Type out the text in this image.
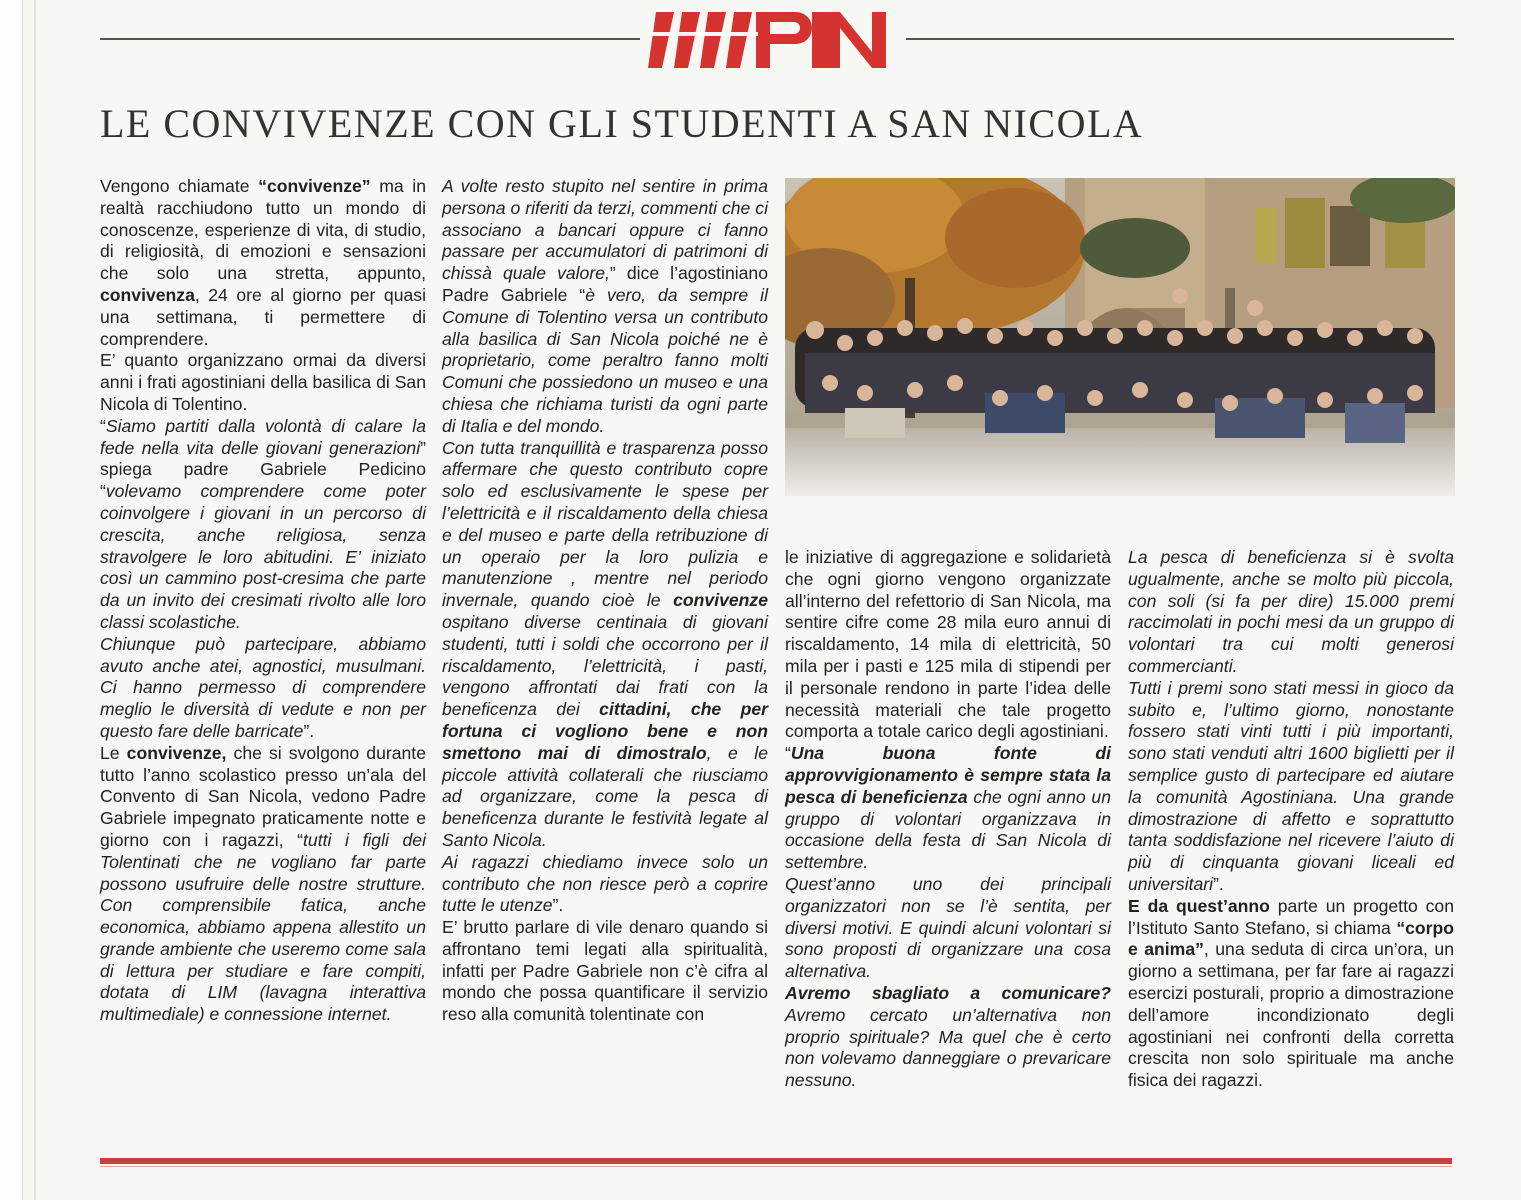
LE CONVIVENZE CON GLI STUDENTI A SAN NICOLA

Vengono chiamate “convivenze” ma in realtà racchiudono tutto un mondo di conoscenze, esperienze di vita, di studio, di religiosità, di emozioni e sensazioni che solo una stretta, appunto, convivenza, 24 ore al giorno per quasi una settimana, ti permettere di comprendere.

E’ quanto organizzano ormai da diversi anni i frati agostiniani della basilica di San Nicola di Tolentino.

“Siamo partiti dalla volontà di calare la fede nella vita delle giovani generazioni” spiega padre Gabriele Pedicino “volevamo comprendere come poter coinvolgere i giovani in un percorso di crescita, anche religiosa, senza stravolgere le loro abitudini. E’ iniziato così un cammino post-cresima che parte da un invito dei cresimati rivolto alle loro classi scolastiche.

Chiunque può partecipare, abbiamo avuto anche atei, agnostici, musulmani. Ci hanno permesso di comprendere meglio le diversità di vedute e non per questo fare delle barricate”.

Le convivenze, che si svolgono durante tutto l’anno scolastico presso un’ala del Convento di San Nicola, vedono Padre Gabriele impegnato praticamente notte e giorno con i ragazzi, “tutti i figli dei Tolentinati che ne vogliano far parte possono usufruire delle nostre strutture. Con comprensibile fatica, anche economica, abbiamo appena allestito un grande ambiente che useremo come sala di lettura per studiare e fare compiti, dotata di LIM (lavagna interattiva multimediale) e connessione internet.

A volte resto stupito nel sentire in prima persona o riferiti da terzi, commenti che ci associano a bancari oppure ci fanno passare per accumulatori di patrimoni di chissà quale valore,” dice l’agostiniano Padre Gabriele “è vero, da sempre il Comune di Tolentino versa un contributo alla basilica di San Nicola poiché ne è proprietario, come peraltro fanno molti Comuni che possiedono un museo e una chiesa che richiama turisti da ogni parte di Italia e del mondo.

Con tutta tranquillità e trasparenza posso affermare che questo contributo copre solo ed esclusivamente le spese per l’elettricità e il riscaldamento della chiesa e del museo e parte della retribuzione di un operaio per la loro pulizia e manutenzione , mentre nel periodo invernale, quando cioè le convivenze ospitano diverse centinaia di giovani studenti, tutti i soldi che occorrono per il riscaldamento, l’elettricità, i pasti, vengono affrontati dai frati con la beneficenza dei cittadini, che per fortuna ci vogliono bene e non smettono mai di dimostralo, e le piccole attività collaterali che riusciamo ad organizzare, come la pesca di beneficenza durante le festività legate al Santo Nicola.

Ai ragazzi chiediamo invece solo un contributo che non riesce però a coprire tutte le utenze”.

E’ brutto parlare di vile denaro quando si affrontano temi legati alla spiritualità, infatti per Padre Gabriele non c’è cifra al mondo che possa quantificare il servizio reso alla comunità tolentinate con

le iniziative di aggregazione e solidarietà che ogni giorno vengono organizzate all’interno del refettorio di San Nicola, ma sentire cifre come 28 mila euro annui di riscaldamento, 14 mila di elettricità, 50 mila per i pasti e 125 mila di stipendi per il personale rendono in parte l’idea delle necessità materiali che tale progetto comporta a totale carico degli agostiniani.

“Una buona fonte di approvvigionamento è sempre stata la pesca di beneficienza che ogni anno un gruppo di volontari organizzava in occasione della festa di San Nicola di settembre.

Quest’anno uno dei principali organizzatori non se l’è sentita, per diversi motivi. E quindi alcuni volontari si sono proposti di organizzare una cosa alternativa.

Avremo sbagliato a comunicare? Avremo cercato un’alternativa non proprio spirituale? Ma quel che è certo non volevamo danneggiare o prevaricare nessuno.

La pesca di beneficienza si è svolta ugualmente, anche se molto più piccola, con soli (si fa per dire) 15.000 premi raccimolati in pochi mesi da un gruppo di volontari tra cui molti generosi commercianti.

Tutti i premi sono stati messi in gioco da subito e, l’ultimo giorno, nonostante fossero stati vinti tutti i più importanti, sono stati venduti altri 1600 biglietti per il semplice gusto di partecipare ed aiutare la comunità Agostiniana. Una grande dimostrazione di affetto e soprattutto tanta soddisfazione nel ricevere l’aiuto di più di cinquanta giovani liceali ed universitari”.

E da quest’anno parte un progetto con l’Istituto Santo Stefano, si chiama “corpo e anima”, una seduta di circa un’ora, un giorno a settimana, per far fare ai ragazzi esercizi posturali, proprio a dimostrazione dell’amore incondizionato degli agostiniani nei confronti della corretta crescita non solo spirituale ma anche fisica dei ragazzi.
